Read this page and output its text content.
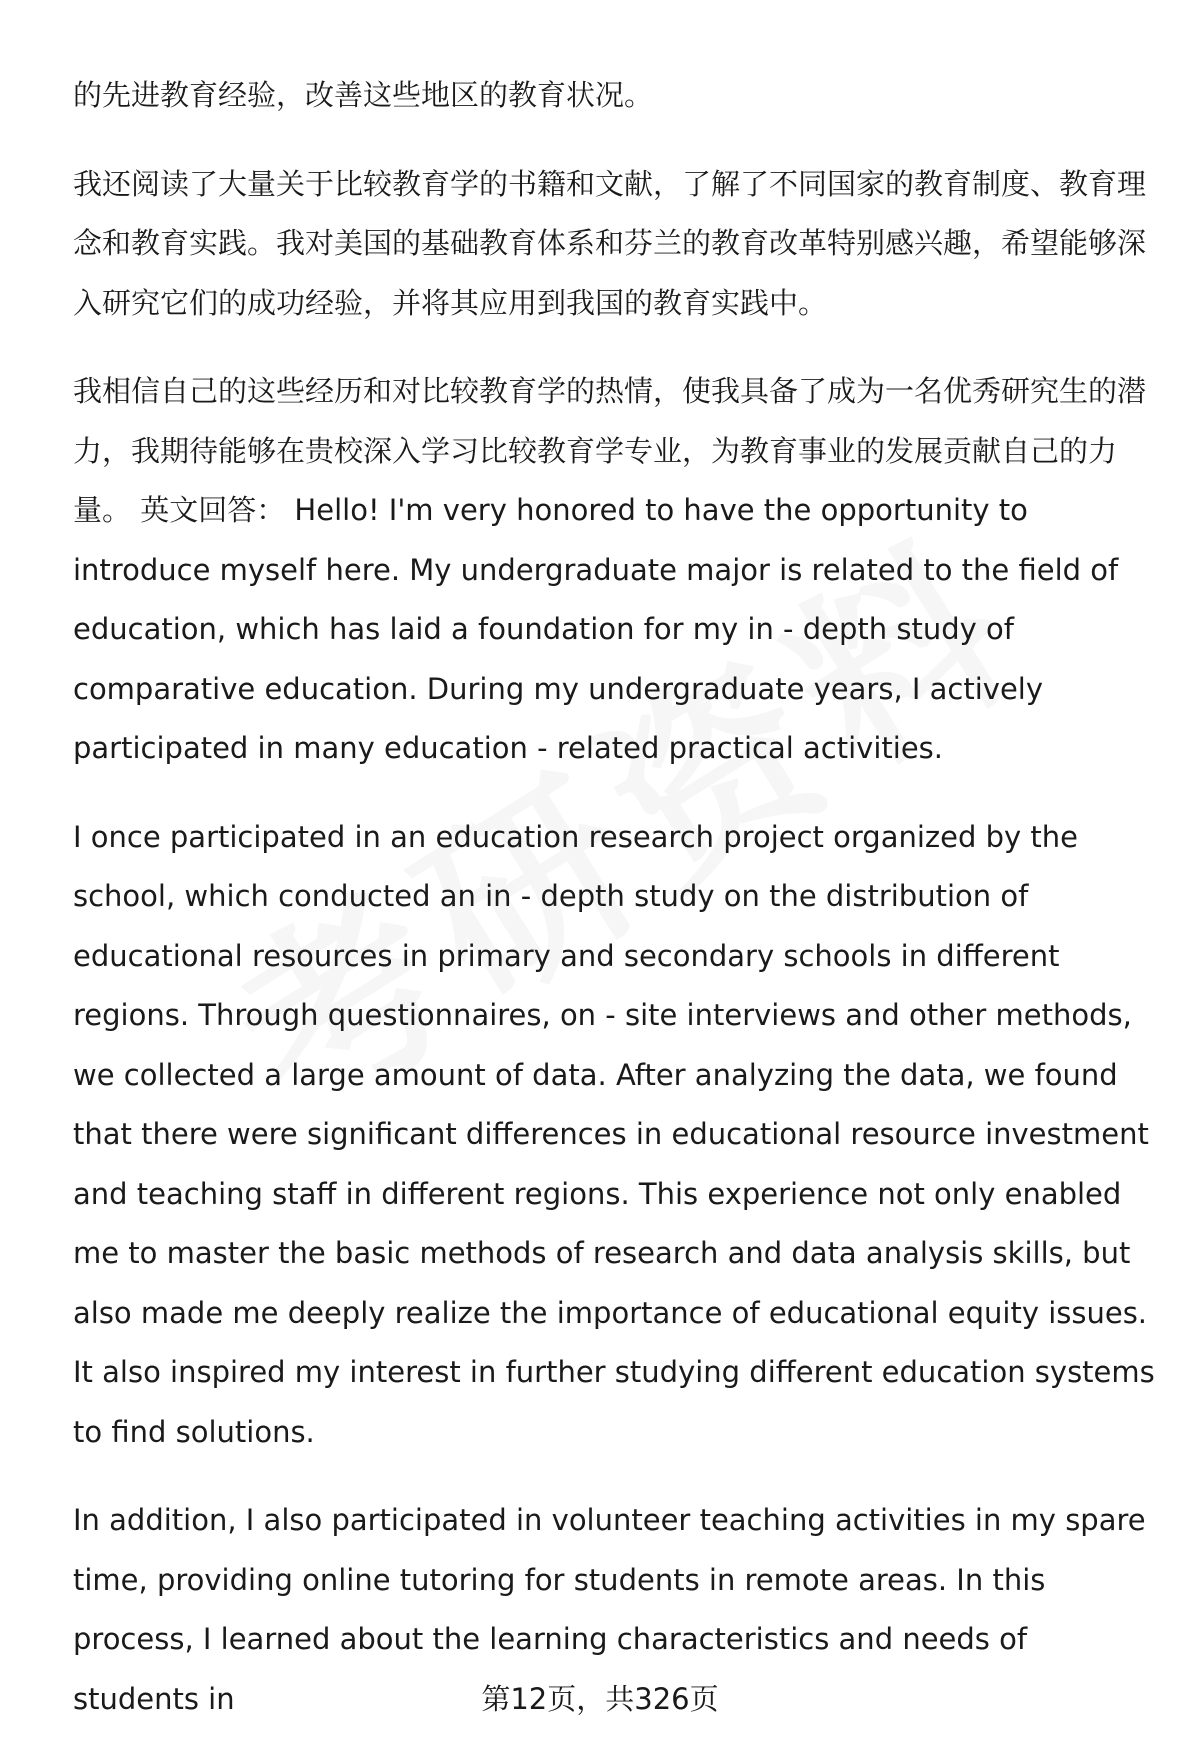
的先进教育经验，改善这些地区的教育状况。

我还阅读了大量关于比较教育学的书籍和文献，了解了不同国家的教育制度、教育理念和教育实践。我对美国的基础教育体系和芬兰的教育改革特别感兴趣，希望能够深入研究它们的成功经验，并将其应用到我国的教育实践中。

我相信自己的这些经历和对比较教育学的热情，使我具备了成为一名优秀研究生的潜力，我期待能够在贵校深入学习比较教育学专业，为教育事业的发展贡献自己的力量。 英文回答： Hello! I'm very honored to have the opportunity to introduce myself here. My undergraduate major is related to the field of education, which has laid a foundation for my in - depth study of comparative education. During my undergraduate years, I actively participated in many education - related practical activities.

I once participated in an education research project organized by the school, which conducted an in - depth study on the distribution of educational resources in primary and secondary schools in different regions. Through questionnaires, on - site interviews and other methods, we collected a large amount of data. After analyzing the data, we found that there were significant differences in educational resource investment and teaching staff in different regions. This experience not only enabled me to master the basic methods of research and data analysis skills, but also made me deeply realize the importance of educational equity issues. It also inspired my interest in further studying different education systems to find solutions.

In addition, I also participated in volunteer teaching activities in my spare time, providing online tutoring for students in remote areas. In this process, I learned about the learning characteristics and needs of students in	第12页，共326页
